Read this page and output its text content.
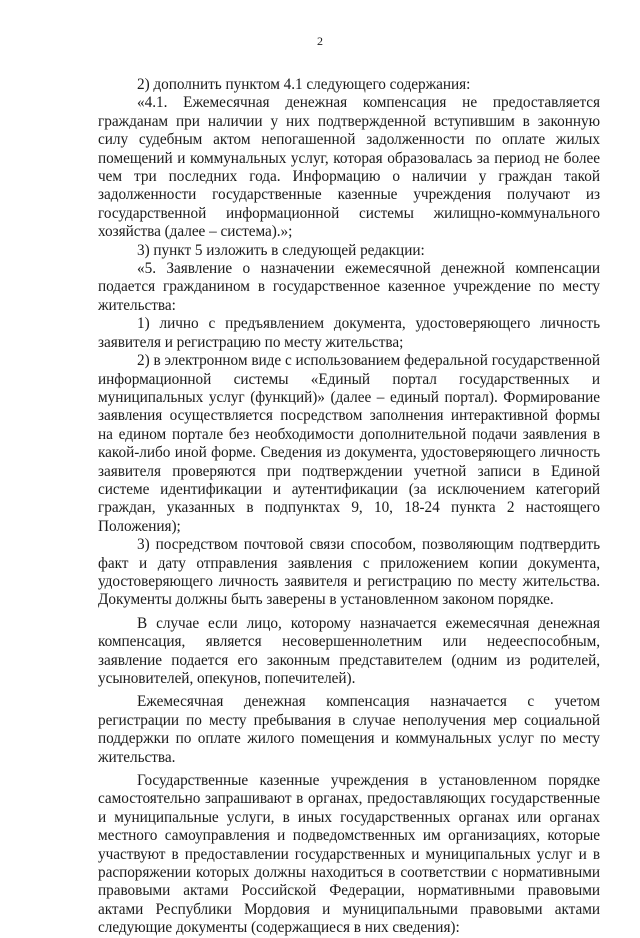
2

2) дополнить пунктом 4.1 следующего содержания:

«4.1. Ежемесячная денежная компенсация не предоставляется гражданам при наличии у них подтвержденной вступившим в законную силу судебным актом непогашенной задолженности по оплате жилых помещений и коммунальных услуг, которая образовалась за период не более чем три последних года. Информацию о наличии у граждан такой задолженности государственные казенные учреждения получают из государственной информационной системы жилищно-коммунального хозяйства (далее – система).»;

3) пункт 5 изложить в следующей редакции:

«5. Заявление о назначении ежемесячной денежной компенсации подается гражданином в государственное казенное учреждение по месту жительства:

1) лично с предъявлением документа, удостоверяющего личность заявителя и регистрацию по месту жительства;

2) в электронном виде с использованием федеральной государственной информационной системы «Единый портал государственных и муниципальных услуг (функций)» (далее – единый портал). Формирование заявления осуществляется посредством заполнения интерактивной формы на едином портале без необходимости дополнительной подачи заявления в какой-либо иной форме. Сведения из документа, удостоверяющего личность заявителя проверяются при подтверждении учетной записи в Единой системе идентификации и аутентификации (за исключением категорий граждан, указанных в подпунктах 9, 10, 18-24 пункта 2 настоящего Положения);

3) посредством почтовой связи способом, позволяющим подтвердить факт и дату отправления заявления с приложением копии документа, удостоверяющего личность заявителя и регистрацию по месту жительства. Документы должны быть заверены в установленном законом порядке.

В случае если лицо, которому назначается ежемесячная денежная компенсация, является несовершеннолетним или недееспособным, заявление подается его законным представителем (одним из родителей, усыновителей, опекунов, попечителей).

Ежемесячная денежная компенсация назначается с учетом регистрации по месту пребывания в случае неполучения мер социальной поддержки по оплате жилого помещения и коммунальных услуг по месту жительства.

Государственные казенные учреждения в установленном порядке самостоятельно запрашивают в органах, предоставляющих государственные и муниципальные услуги, в иных государственных органах или органах местного самоуправления и подведомственных им организациях, которые участвуют в предоставлении государственных и муниципальных услуг и в распоряжении которых должны находиться в соответствии с нормативными правовыми актами Российской Федерации, нормативными правовыми актами Республики Мордовия и муниципальными правовыми актами следующие документы (содержащиеся в них сведения):
